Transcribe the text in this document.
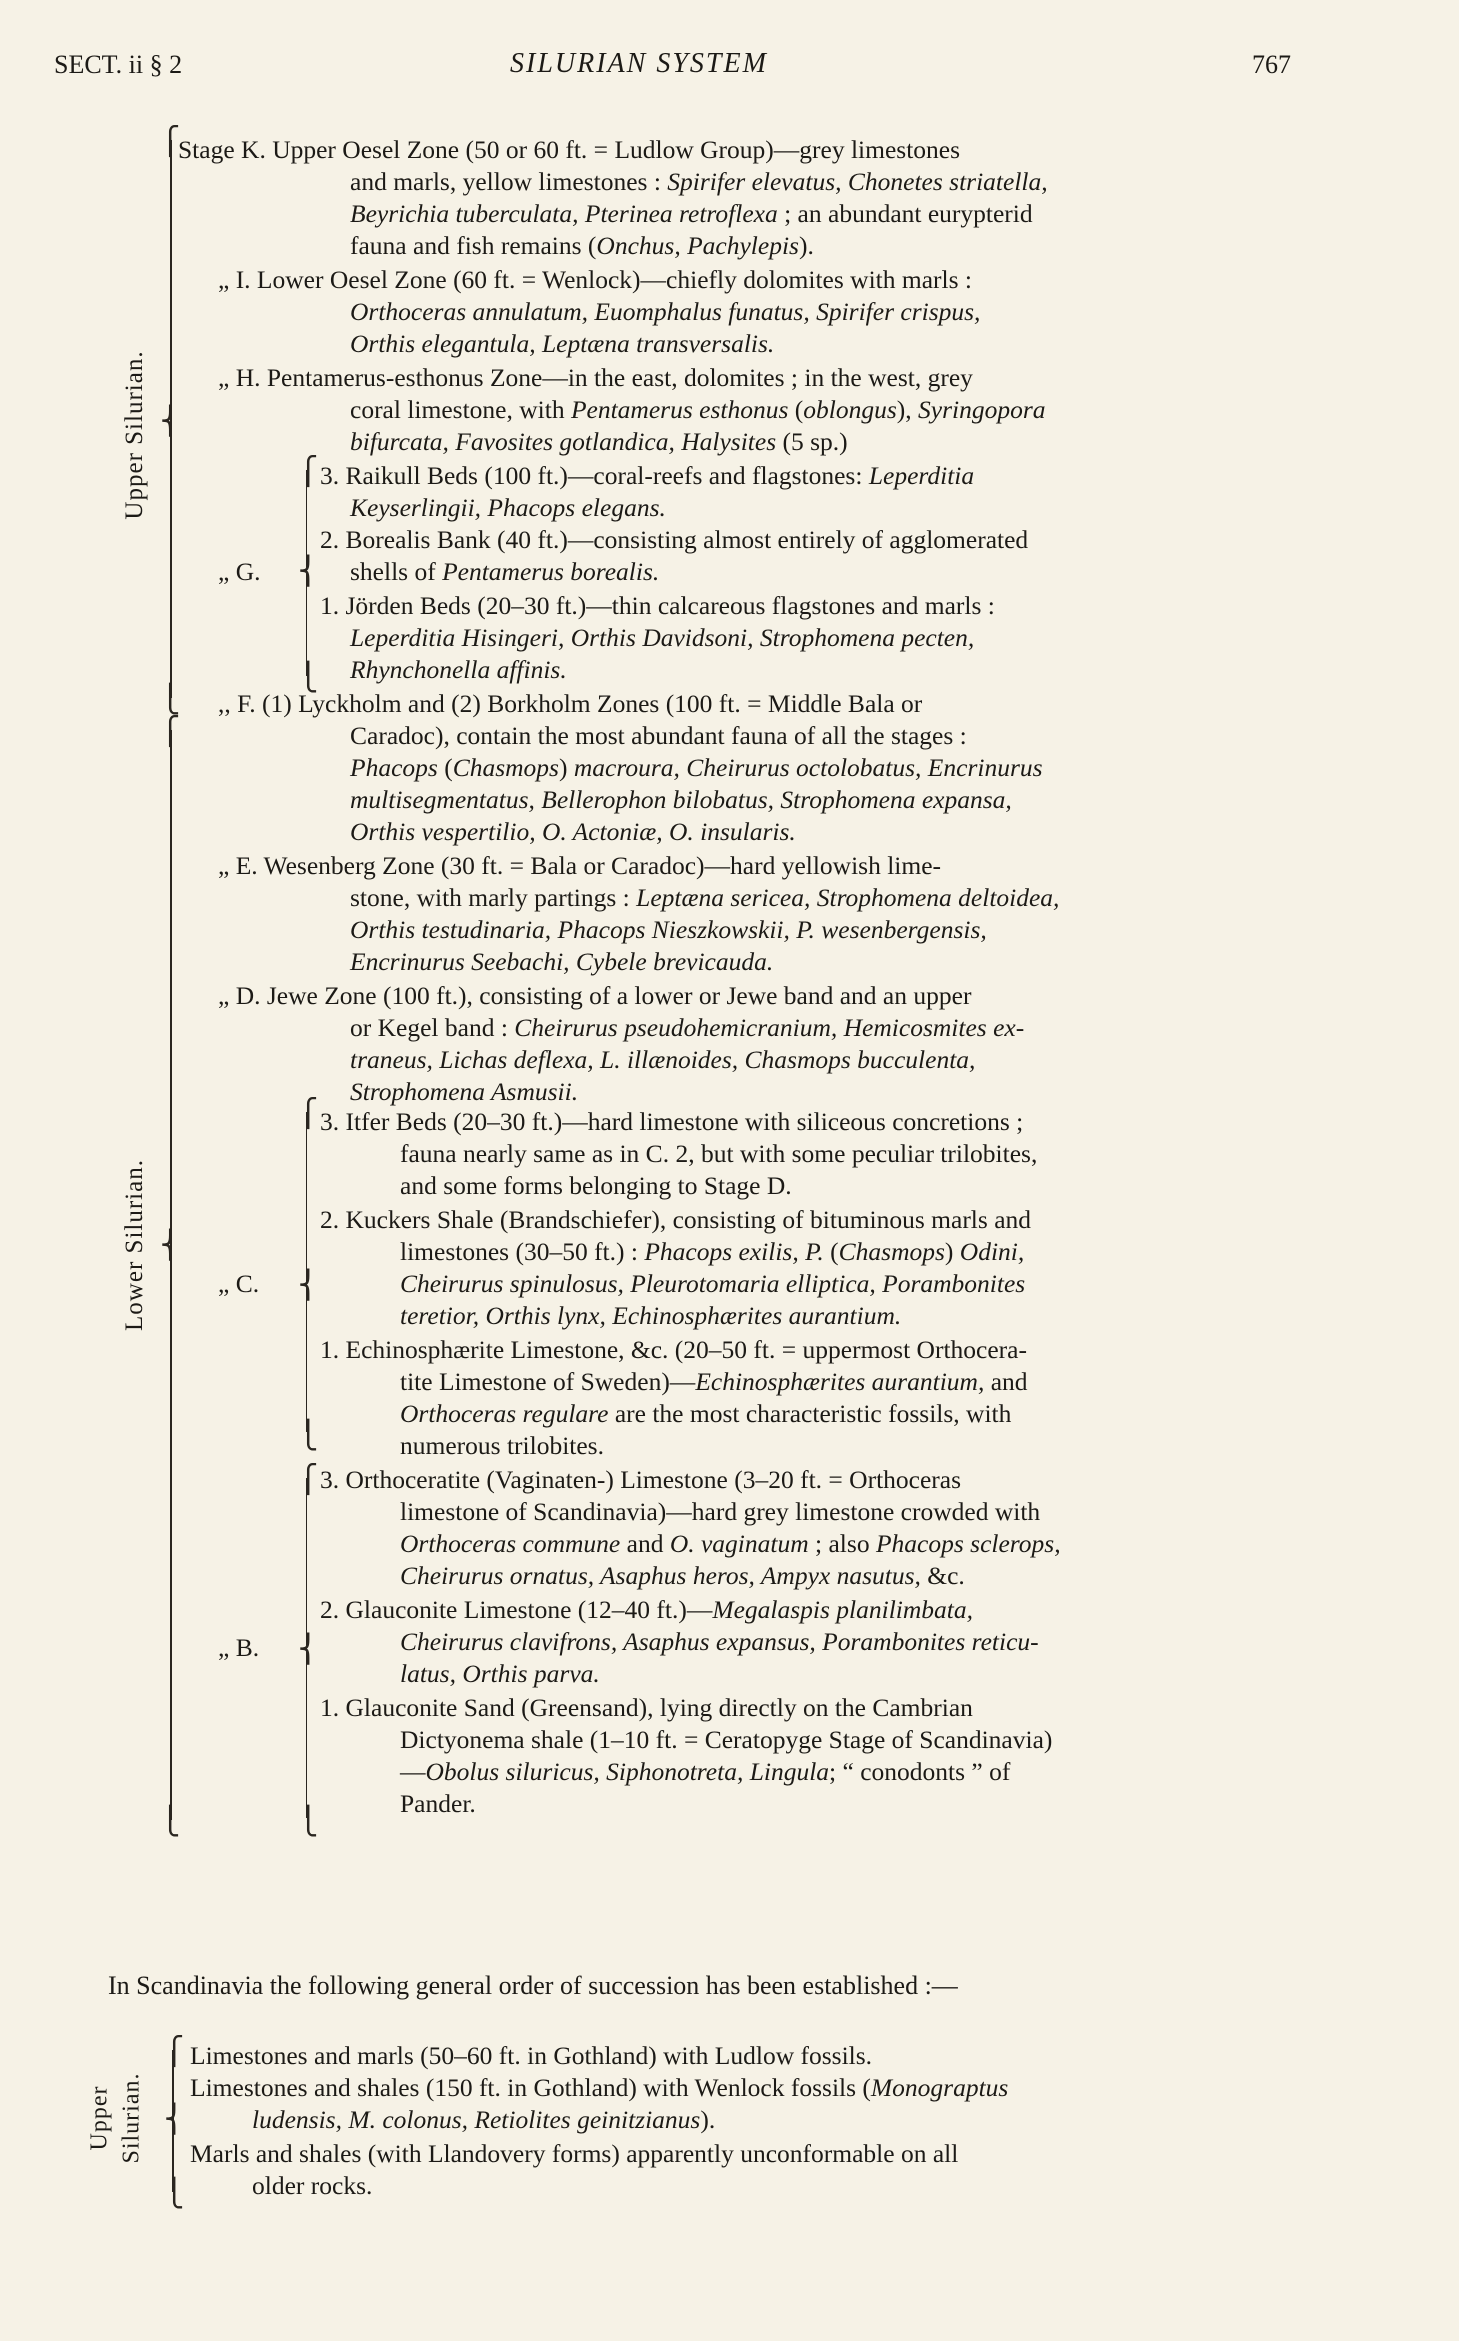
SECT. ii § 2	SILURIAN SYSTEM	767
Upper Silurian.
⎧
⎨
⎩
Lower Silurian.
⎧
⎨
⎩
Stage K. Upper Oesel Zone (50 or 60 ft. = Ludlow Group)—grey limestones
and marls, yellow limestones : Spirifer elevatus, Chonetes striatella,
Beyrichia tuberculata, Pterinea retroflexa ; an abundant eurypterid
fauna and fish remains (Onchus, Pachylepis).
„ I. Lower Oesel Zone (60 ft. = Wenlock)—chiefly dolomites with marls :
Orthoceras annulatum, Euomphalus funatus, Spirifer crispus,
Orthis elegantula, Leptæna transversalis.
„ H. Pentamerus-esthonus Zone—in the east, dolomites ; in the west, grey
coral limestone, with Pentamerus esthonus (oblongus), Syringopora
bifurcata, Favosites gotlandica, Halysites (5 sp.)
„ G.
⎧
⎨
⎩
3. Raikull Beds (100 ft.)—coral-reefs and flagstones: Leperditia
Keyserlingii, Phacops elegans.
2. Borealis Bank (40 ft.)—consisting almost entirely of agglomerated
shells of Pentamerus borealis.
1. Jörden Beds (20–30 ft.)—thin calcareous flagstones and marls :
Leperditia Hisingeri, Orthis Davidsoni, Strophomena pecten,
Rhynchonella affinis.
,, F. (1) Lyckholm and (2) Borkholm Zones (100 ft. = Middle Bala or
Caradoc), contain the most abundant fauna of all the stages :
Phacops (Chasmops) macroura, Cheirurus octolobatus, Encrinurus
multisegmentatus, Bellerophon bilobatus, Strophomena expansa,
Orthis vespertilio, O. Actoniæ, O. insularis.
„ E. Wesenberg Zone (30 ft. = Bala or Caradoc)—hard yellowish lime-
stone, with marly partings : Leptæna sericea, Strophomena deltoidea,
Orthis testudinaria, Phacops Nieszkowskii, P. wesenbergensis,
Encrinurus Seebachi, Cybele brevicauda.
„ D. Jewe Zone (100 ft.), consisting of a lower or Jewe band and an upper
or Kegel band : Cheirurus pseudohemicranium, Hemicosmites ex-
traneus, Lichas deflexa, L. illænoides, Chasmops bucculenta,
Strophomena Asmusii.
„ C.
⎧
⎨
⎩
3. Itfer Beds (20–30 ft.)—hard limestone with siliceous concretions ;
fauna nearly same as in C. 2, but with some peculiar trilobites,
and some forms belonging to Stage D.
2. Kuckers Shale (Brandschiefer), consisting of bituminous marls and
limestones (30–50 ft.) : Phacops exilis, P. (Chasmops) Odini,
Cheirurus spinulosus, Pleurotomaria elliptica, Porambonites
teretior, Orthis lynx, Echinosphærites aurantium.
1. Echinosphærite Limestone, &c. (20–50 ft. = uppermost Orthocera-
tite Limestone of Sweden)—Echinosphærites aurantium, and
Orthoceras regulare are the most characteristic fossils, with
numerous trilobites.
„ B.
⎧
⎨
⎩
3. Orthoceratite (Vaginaten-) Limestone (3–20 ft. = Orthoceras
limestone of Scandinavia)—hard grey limestone crowded with
Orthoceras commune and O. vaginatum ; also Phacops sclerops,
Cheirurus ornatus, Asaphus heros, Ampyx nasutus, &c.
2. Glauconite Limestone (12–40 ft.)—Megalaspis planilimbata,
Cheirurus clavifrons, Asaphus expansus, Porambonites reticu-
latus, Orthis parva.
1. Glauconite Sand (Greensand), lying directly on the Cambrian
Dictyonema shale (1–10 ft. = Ceratopyge Stage of Scandinavia)
—Obolus siluricus, Siphonotreta, Lingula; “ conodonts ” of
Pander.
In Scandinavia the following general order of succession has been established :—
Upper Silurian.
⎧
⎨
⎩
Limestones and marls (50–60 ft. in Gothland) with Ludlow fossils.
Limestones and shales (150 ft. in Gothland) with Wenlock fossils (Monograptus
ludensis, M. colonus, Retiolites geinitzianus).
Marls and shales (with Llandovery forms) apparently unconformable on all
older rocks.
